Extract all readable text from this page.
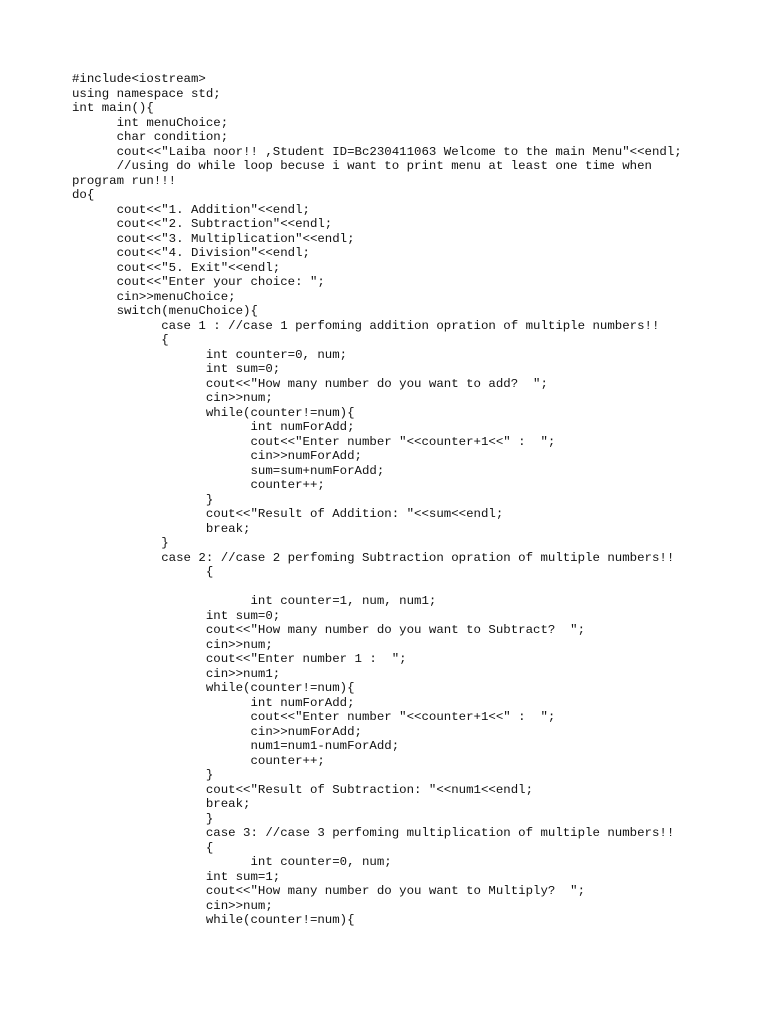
#include<iostream>
using namespace std;
int main(){
int menuChoice;
char condition;
cout<<"Laiba noor!! ,Student ID=Bc230411063 Welcome to the main Menu"<<endl;
//using do while loop becuse i want to print menu at least one time when
program run!!!
do{
cout<<"1. Addition"<<endl;
cout<<"2. Subtraction"<<endl;
cout<<"3. Multiplication"<<endl;
cout<<"4. Division"<<endl;
cout<<"5. Exit"<<endl;
cout<<"Enter your choice: ";
cin>>menuChoice;
switch(menuChoice){
case 1 : //case 1 perfoming addition opration of multiple numbers!!
{
int counter=0, num;
int sum=0;
cout<<"How many number do you want to add?  ";
cin>>num;
while(counter!=num){
int numForAdd;
cout<<"Enter number "<<counter+1<<" :  ";
cin>>numForAdd;
sum=sum+numForAdd;
counter++;
}
cout<<"Result of Addition: "<<sum<<endl;
break;
}
case 2: //case 2 perfoming Subtraction opration of multiple numbers!!
{
int counter=1, num, num1;
int sum=0;
cout<<"How many number do you want to Subtract?  ";
cin>>num;
cout<<"Enter number 1 :  ";
cin>>num1;
while(counter!=num){
int numForAdd;
cout<<"Enter number "<<counter+1<<" :  ";
cin>>numForAdd;
num1=num1-numForAdd;
counter++;
}
cout<<"Result of Subtraction: "<<num1<<endl;
break;
}
case 3: //case 3 perfoming multiplication of multiple numbers!!
{
int counter=0, num;
int sum=1;
cout<<"How many number do you want to Multiply?  ";
cin>>num;
while(counter!=num){
